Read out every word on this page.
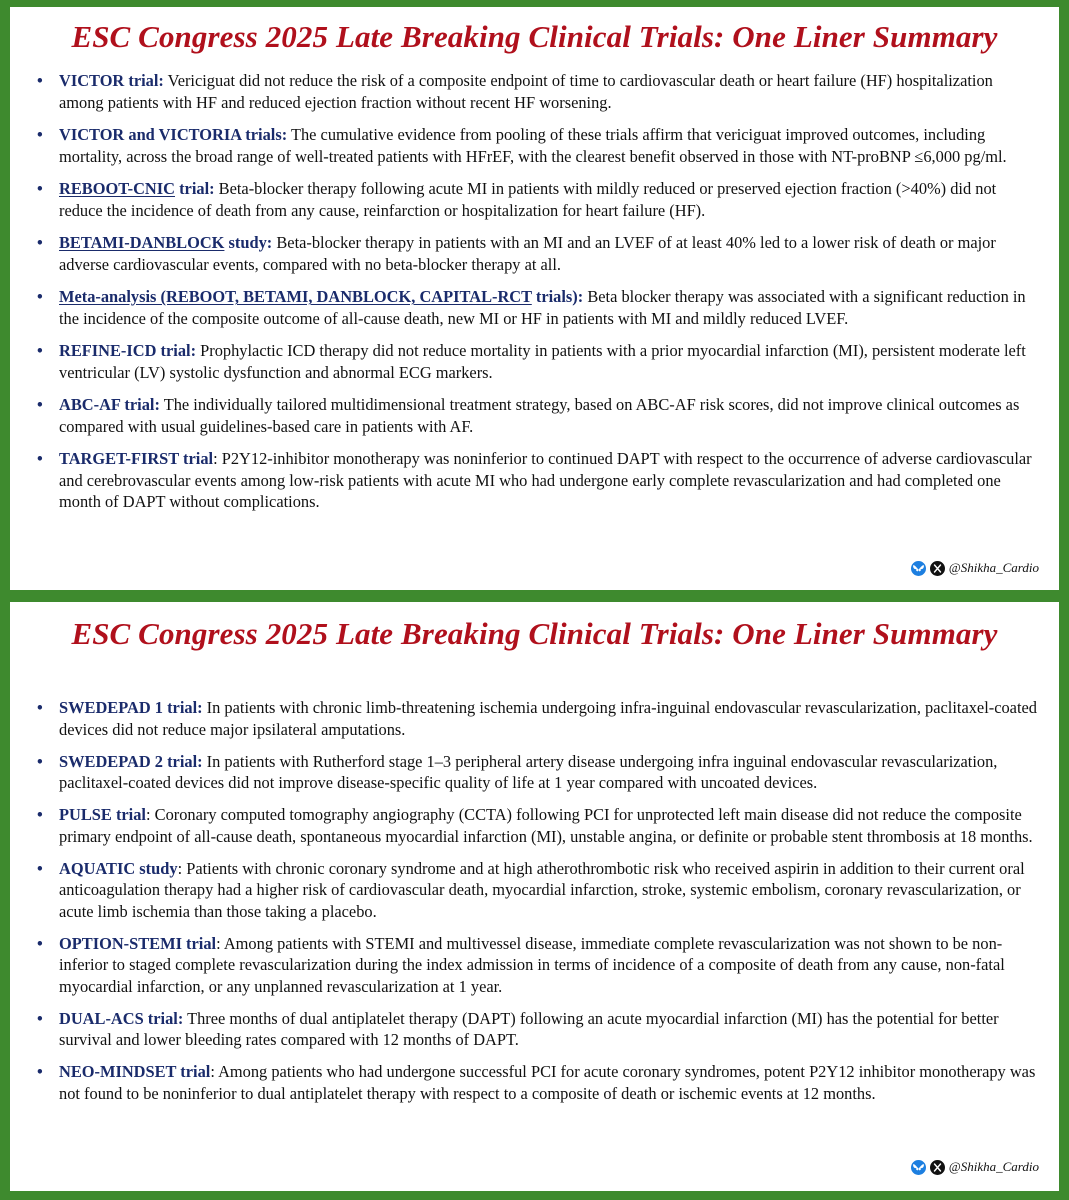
ESC Congress 2025 Late Breaking Clinical Trials: One Liner Summary
• VICTOR trial: Vericiguat did not reduce the risk of a composite endpoint of time to cardiovascular death or heart failure (HF) hospitalization among patients with HF and reduced ejection fraction without recent HF worsening.
• VICTOR and VICTORIA trials: The cumulative evidence from pooling of these trials affirm that vericiguat improved outcomes, including mortality, across the broad range of well-treated patients with HFrEF, with the clearest benefit observed in those with NT-proBNP ≤6,000 pg/ml.
• REBOOT-CNIC trial: Beta-blocker therapy following acute MI in patients with mildly reduced or preserved ejection fraction (>40%) did not reduce the incidence of death from any cause, reinfarction or hospitalization for heart failure (HF).
• BETAMI-DANBLOCK study: Beta-blocker therapy in patients with an MI and an LVEF of at least 40% led to a lower risk of death or major adverse cardiovascular events, compared with no beta-blocker therapy at all.
• Meta-analysis (REBOOT, BETAMI, DANBLOCK, CAPITAL-RCT trials): Beta blocker therapy was associated with a significant reduction in the incidence of the composite outcome of all-cause death, new MI or HF in patients with MI and mildly reduced LVEF.
• REFINE-ICD trial: Prophylactic ICD therapy did not reduce mortality in patients with a prior myocardial infarction (MI), persistent moderate left ventricular (LV) systolic dysfunction and abnormal ECG markers.
• ABC-AF trial: The individually tailored multidimensional treatment strategy, based on ABC-AF risk scores, did not improve clinical outcomes as compared with usual guidelines-based care in patients with AF.
• TARGET-FIRST trial: P2Y12-inhibitor monotherapy was noninferior to continued DAPT with respect to the occurrence of adverse cardiovascular and cerebrovascular events among low-risk patients with acute MI who had undergone early complete revascularization and had completed one month of DAPT without complications.
@Shikha_Cardio
ESC Congress 2025 Late Breaking Clinical Trials: One Liner Summary
• SWEDEPAD 1 trial: In patients with chronic limb-threatening ischemia undergoing infra-inguinal endovascular revascularization, paclitaxel-coated devices did not reduce major ipsilateral amputations.
• SWEDEPAD 2 trial: In patients with Rutherford stage 1–3 peripheral artery disease undergoing infra inguinal endovascular revascularization, paclitaxel-coated devices did not improve disease-specific quality of life at 1 year compared with uncoated devices.
• PULSE trial: Coronary computed tomography angiography (CCTA) following PCI for unprotected left main disease did not reduce the composite primary endpoint of all-cause death, spontaneous myocardial infarction (MI), unstable angina, or definite or probable stent thrombosis at 18 months.
• AQUATIC study: Patients with chronic coronary syndrome and at high atherothrombotic risk who received aspirin in addition to their current oral anticoagulation therapy had a higher risk of cardiovascular death, myocardial infarction, stroke, systemic embolism, coronary revascularization, or acute limb ischemia than those taking a placebo.
• OPTION-STEMI trial: Among patients with STEMI and multivessel disease, immediate complete revascularization was not shown to be non-inferior to staged complete revascularization during the index admission in terms of incidence of a composite of death from any cause, non-fatal myocardial infarction, or any unplanned revascularization at 1 year.
• DUAL-ACS trial: Three months of dual antiplatelet therapy (DAPT) following an acute myocardial infarction (MI) has the potential for better survival and lower bleeding rates compared with 12 months of DAPT.
• NEO-MINDSET trial: Among patients who had undergone successful PCI for acute coronary syndromes, potent P2Y12 inhibitor monotherapy was not found to be noninferior to dual antiplatelet therapy with respect to a composite of death or ischemic events at 12 months.
@Shikha_Cardio
